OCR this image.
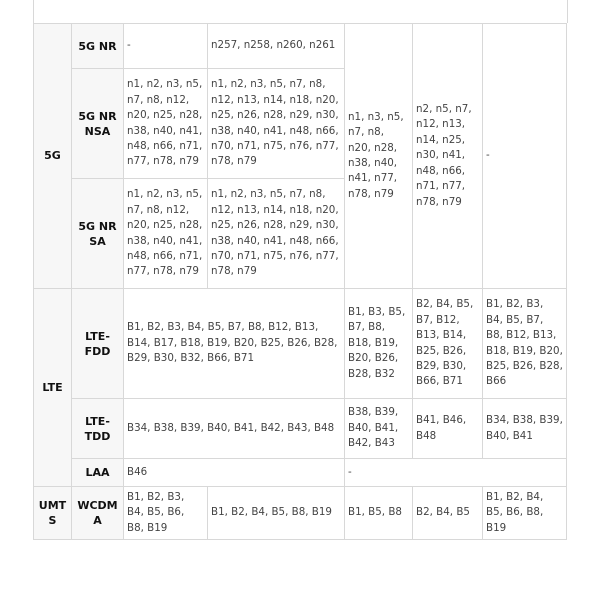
5G	5G NR	-	n257, n258, n260, n261	n1, n3, n5, n7, n8, n20, n28, n38, n40, n41, n77, n78, n79	n2, n5, n7, n12, n13, n14, n25, n30, n41, n48, n66, n71, n77, n78, n79	-
	5G NR NSA	n1, n2, n3, n5, n7, n8, n12, n20, n25, n28, n38, n40, n41, n48, n66, n71, n77, n78, n79	n1, n2, n3, n5, n7, n8, n12, n13, n14, n18, n20, n25, n26, n28, n29, n30, n38, n40, n41, n48, n66, n70, n71, n75, n76, n77, n78, n79			
	5G NR SA	n1, n2, n3, n5, n7, n8, n12, n20, n25, n28, n38, n40, n41, n48, n66, n71, n77, n78, n79	n1, n2, n3, n5, n7, n8, n12, n13, n14, n18, n20, n25, n26, n28, n29, n30, n38, n40, n41, n48, n66, n70, n71, n75, n76, n77, n78, n79			
LTE	LTE-FDD	B1, B2, B3, B4, B5, B7, B8, B12, B13, B14, B17, B18, B19, B20, B25, B26, B28, B29, B30, B32, B66, B71		B1, B3, B5, B7, B8, B18, B19, B20, B26, B28, B32	B2, B4, B5, B7, B12, B13, B14, B25, B26, B29, B30, B66, B71	B1, B2, B3, B4, B5, B7, B8, B12, B13, B18, B19, B20, B25, B26, B28, B66
	LTE-TDD	B34, B38, B39, B40, B41, B42, B43, B48		B38, B39, B40, B41, B42, B43	B41, B46, B48	B34, B38, B39, B40, B41
	LAA	B46		-		
UMTS	WCDMA	B1, B2, B3, B4, B5, B6, B8, B19	B1, B2, B4, B5, B8, B19	B1, B5, B8	B2, B4, B5	B1, B2, B4, B5, B6, B8, B19
